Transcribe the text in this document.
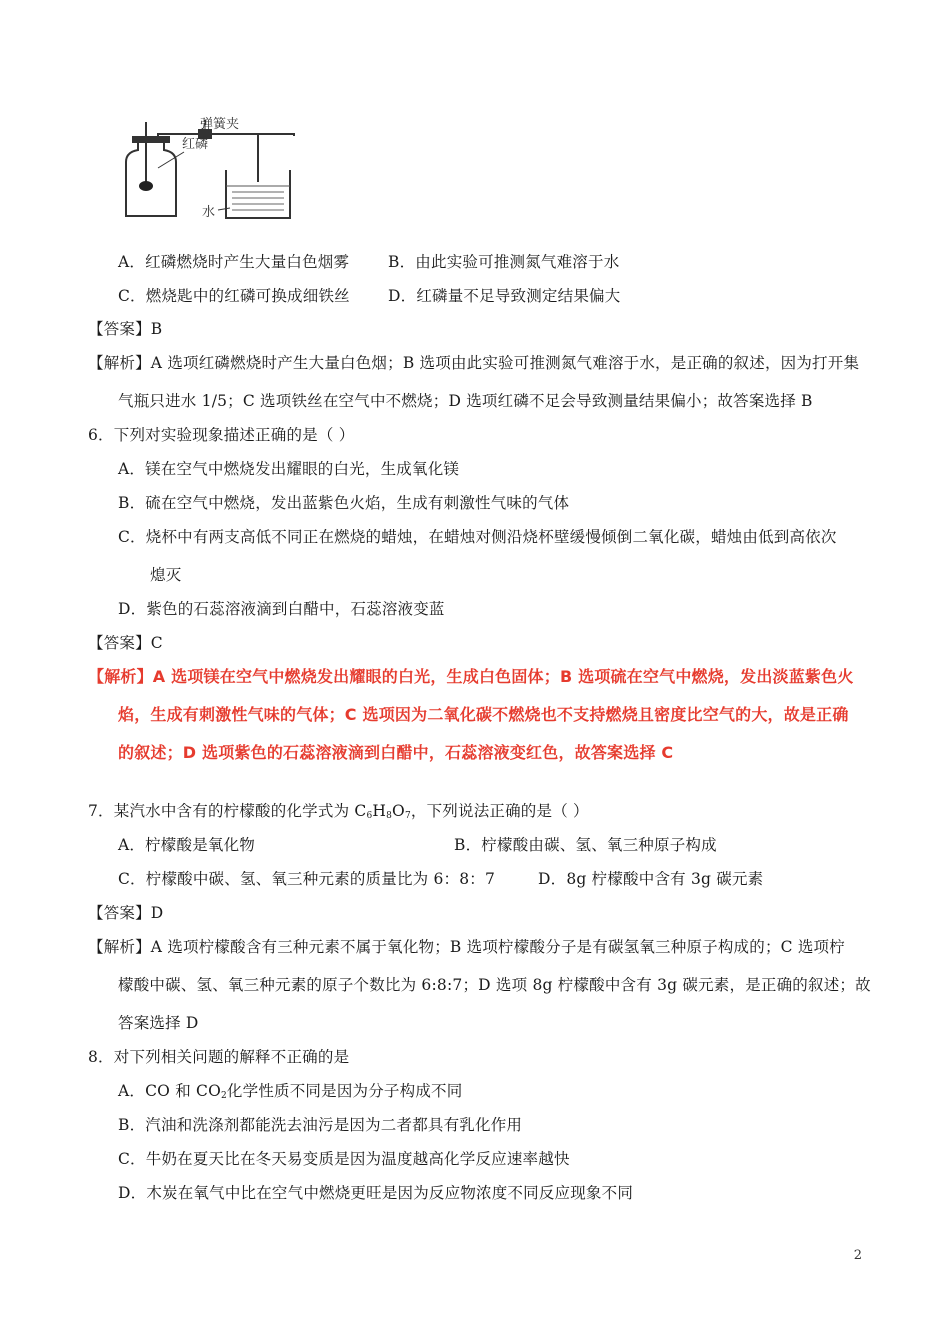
弹簧夹
红磷
水
A．红磷燃烧时产生大量白色烟雾	B．由此实验可推测氮气难溶于水
C．燃烧匙中的红磷可换成细铁丝 D．红磷量不足导致测定结果偏大
【答案】B
【解析】A 选项红磷燃烧时产生大量白色烟；B 选项由此实验可推测氮气难溶于水，是正确的叙述，因为打开集
气瓶只进水 1/5；C 选项铁丝在空气中不燃烧；D 选项红磷不足会导致测量结果偏小；故答案选择 B
6．下列对实验现象描述正确的是（ ）
A．镁在空气中燃烧发出耀眼的白光，生成氧化镁
B．硫在空气中燃烧，发出蓝紫色火焰，生成有刺激性气味的气体
C．烧杯中有两支高低不同正在燃烧的蜡烛，在蜡烛对侧沿烧杯壁缓慢倾倒二氧化碳，蜡烛由低到高依次
熄灭
D．紫色的石蕊溶液滴到白醋中，石蕊溶液变蓝
【答案】C
【解析】A 选项镁在空气中燃烧发出耀眼的白光，生成白色固体；B 选项硫在空气中燃烧，发出淡蓝紫色火
焰，生成有刺激性气味的气体；C 选项因为二氧化碳不燃烧也不支持燃烧且密度比空气的大，故是正确
的叙述；D 选项紫色的石蕊溶液滴到白醋中，石蕊溶液变红色，故答案选择 C
7．某汽水中含有的柠檬酸的化学式为 $C_6H_8O_7$，下列说法正确的是（ ）
A．柠檬酸是氧化物	B．柠檬酸由碳、氢、氧三种原子构成
C．柠檬酸中碳、氢、氧三种元素的质量比为 6：8：7	D．8g 柠檬酸中含有 3g 碳元素
【答案】D
【解析】A 选项柠檬酸含有三种元素不属于氧化物；B 选项柠檬酸分子是有碳氢氧三种原子构成的；C 选项柠
檬酸中碳、氢、氧三种元素的原子个数比为 6:8:7；D 选项 8g 柠檬酸中含有 3g 碳元素，是正确的叙述；故
答案选择 D
8．对下列相关问题的解释不正确的是
A．CO 和 $CO_2$化学性质不同是因为分子构成不同
B．汽油和洗涤剂都能洗去油污是因为二者都具有乳化作用
C．牛奶在夏天比在冬天易变质是因为温度越高化学反应速率越快
D．木炭在氧气中比在空气中燃烧更旺是因为反应物浓度不同反应现象不同
2
